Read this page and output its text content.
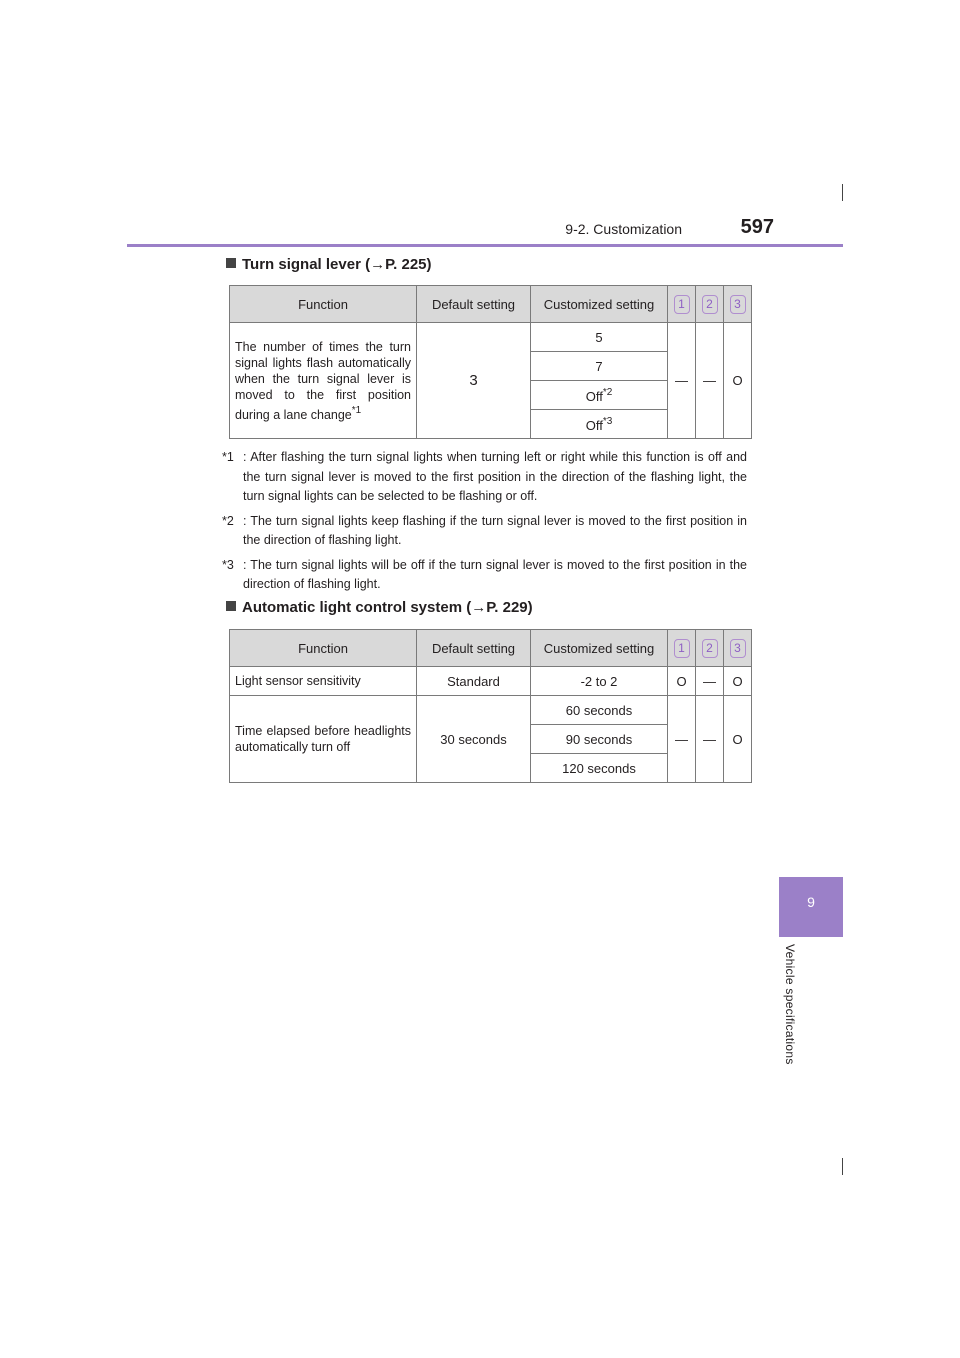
9-2. Customization	597
9
Vehicle specifications
Turn signal lever (→P. 225)
Function	Default setting	Customized setting	1	2	3
The number of times the turn signal lights flash automatically when the turn signal lever is moved to the first position during a lane change$^{*1}$	3	5	—	—	O
		7			
		Off$^{*2}$
		Off$^{*3}$
*1 : After flashing the turn signal lights when turning left or right while this function is off and the turn signal lever is moved to the first position in the direction of the flashing light, the turn signal lights can be selected to be flashing or off.
*2 : The turn signal lights keep flashing if the turn signal lever is moved to the first position in the direction of flashing light.
*3 : The turn signal lights will be off if the turn signal lever is moved to the first position in the direction of flashing light.
Automatic light control system (→P. 229)
Function	Default setting	Customized setting	1	2	3
Light sensor sensitivity	Standard	-2 to 2	O	—	O
Time elapsed before headlights automatically turn off	30 seconds	60 seconds	—	—	O
		90 seconds			
		120 seconds			
